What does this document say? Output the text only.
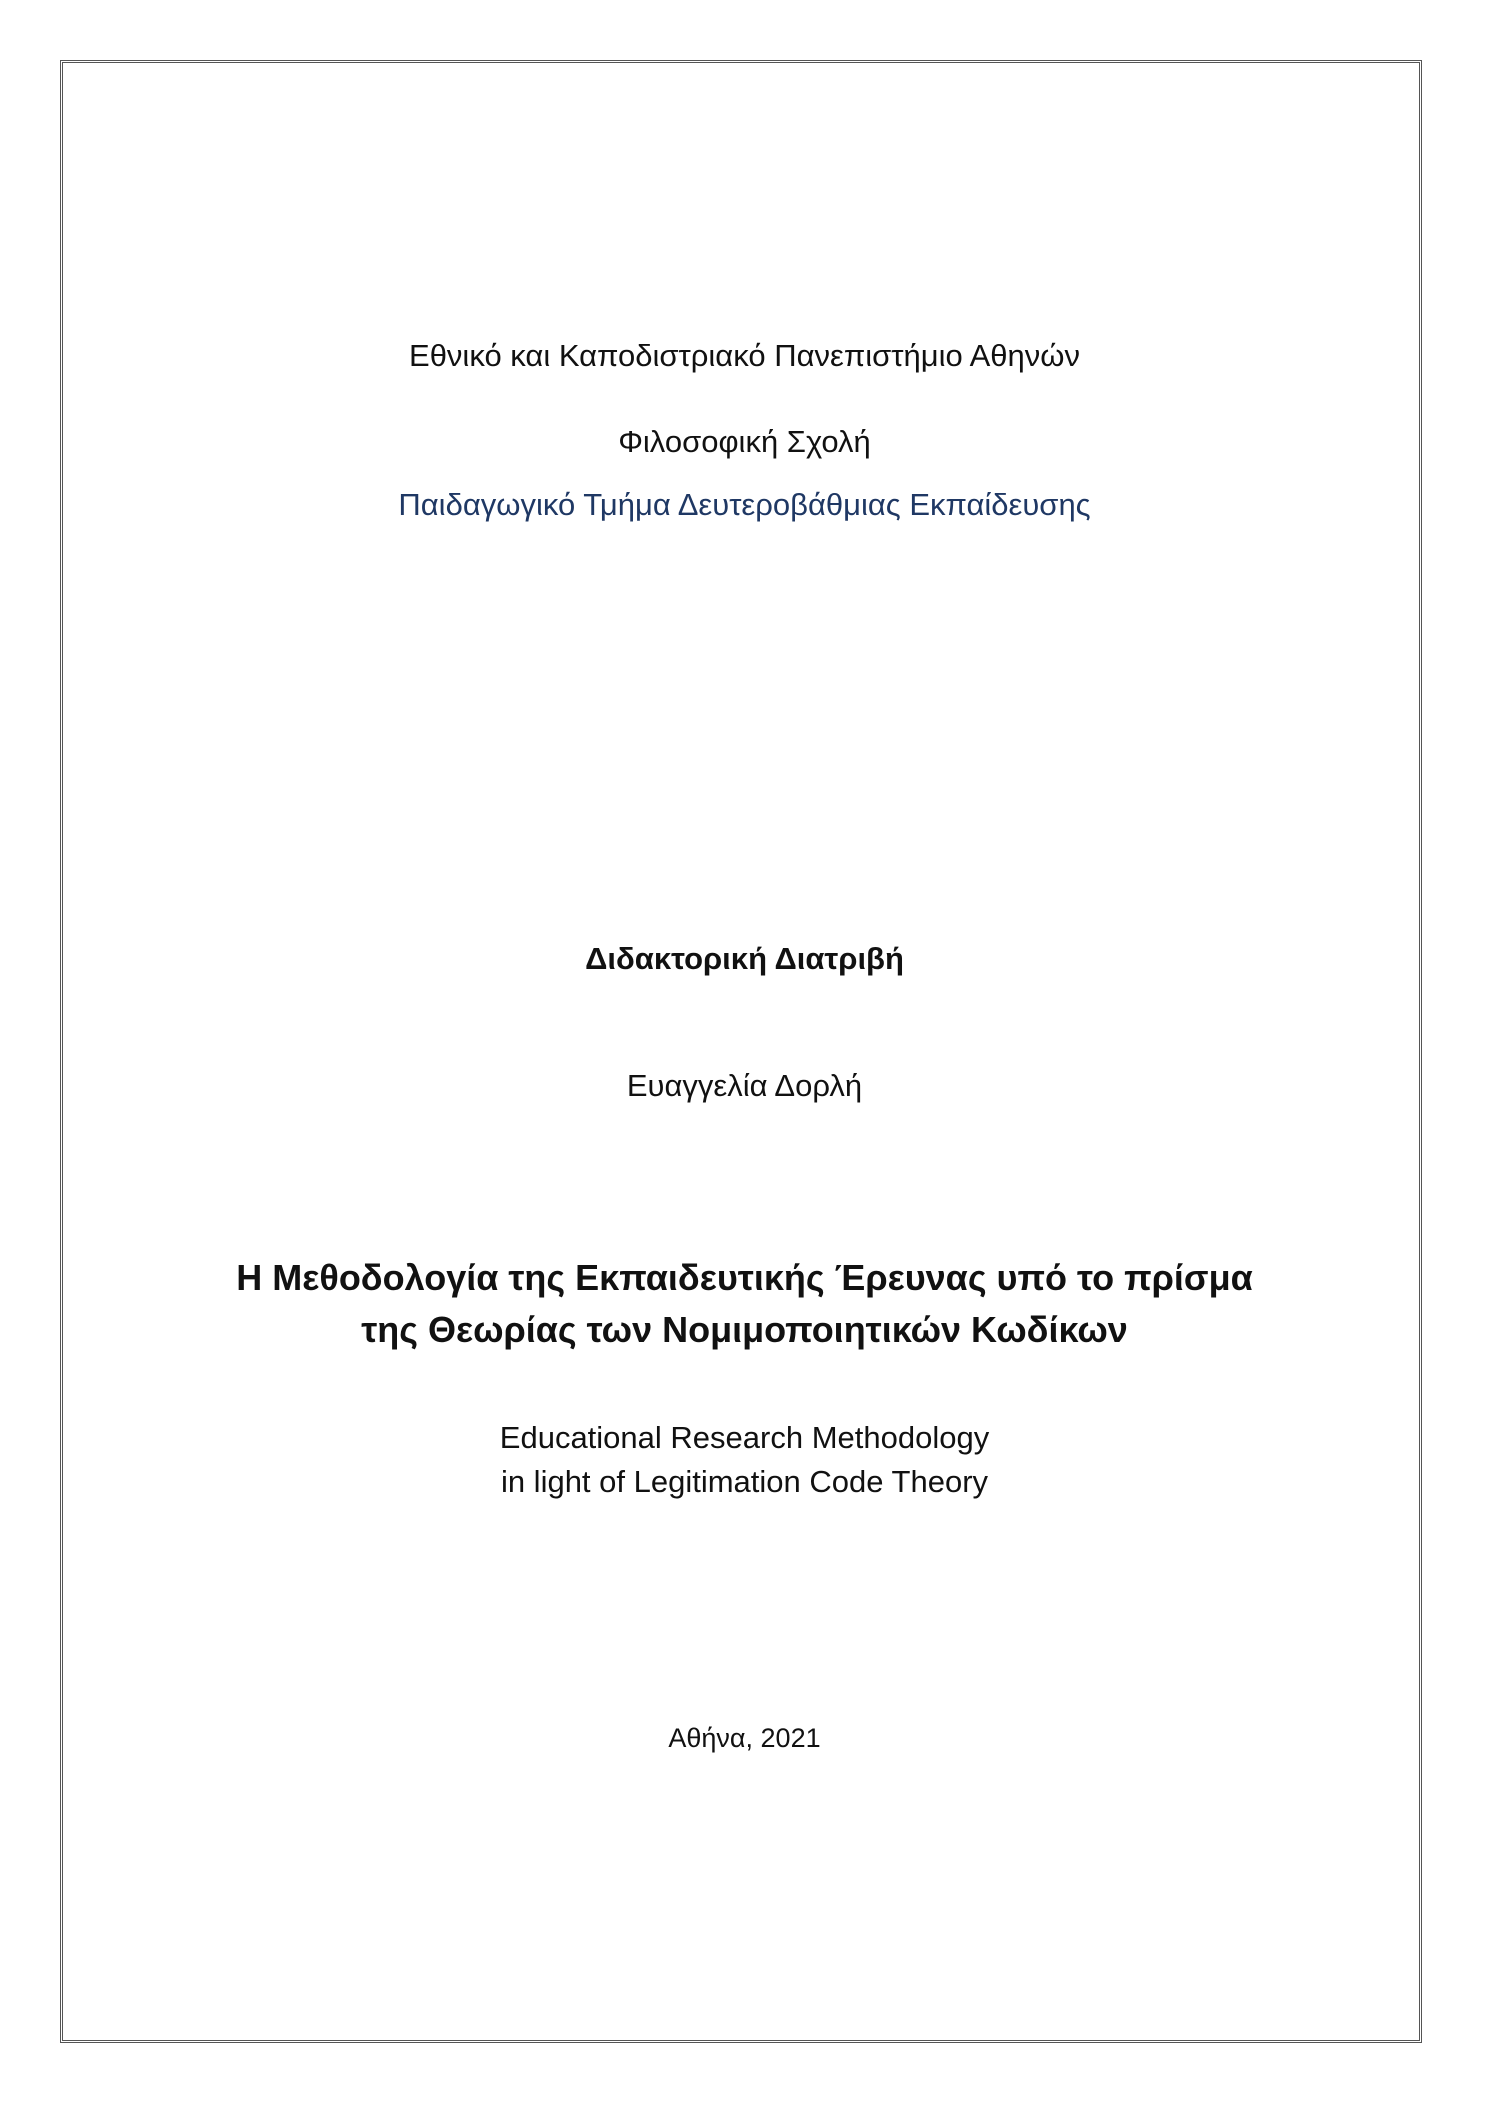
Εθνικό και Καποδιστριακό Πανεπιστήμιο Αθηνών
Φιλοσοφική Σχολή
Παιδαγωγικό Τμήμα Δευτεροβάθμιας Εκπαίδευσης
Διδακτορική Διατριβή
Ευαγγελία Δορλή
Η Μεθοδολογία της Εκπαιδευτικής Έρευνας υπό το πρίσμα
της Θεωρίας των Νομιμοποιητικών Κωδίκων
Educational Research Methodology
in light of Legitimation Code Theory
Αθήνα, 2021
